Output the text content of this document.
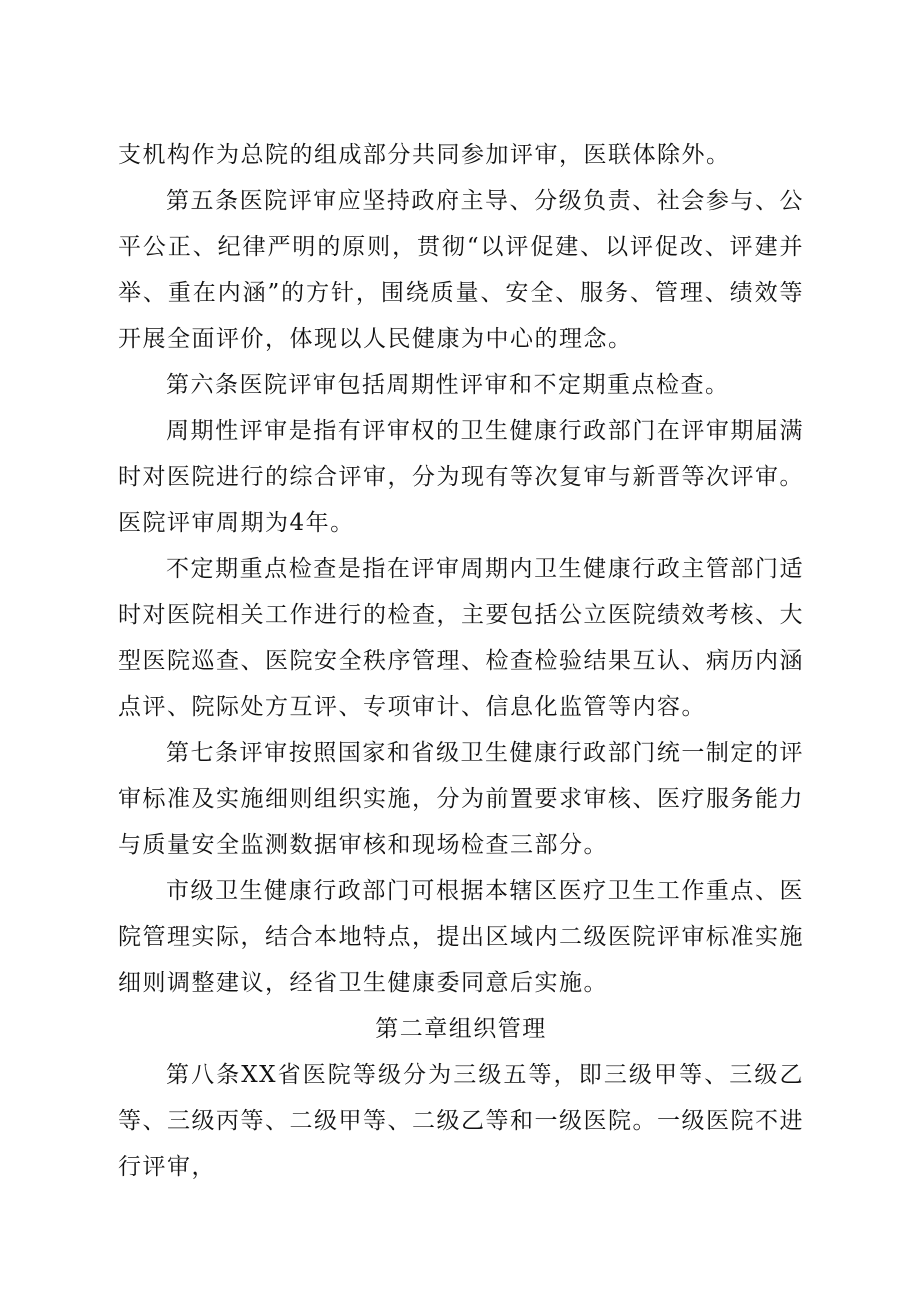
支机构作为总院的组成部分共同参加评审，医联体除外。

第五条医院评审应坚持政府主导、分级负责、社会参与、公平公正、纪律严明的原则，贯彻“以评促建、以评促改、评建并举、重在内涵”的方针，围绕质量、安全、服务、管理、绩效等开展全面评价，体现以人民健康为中心的理念。

第六条医院评审包括周期性评审和不定期重点检查。

周期性评审是指有评审权的卫生健康行政部门在评审期届满时对医院进行的综合评审，分为现有等次复审与新晋等次评审。医院评审周期为4年。

不定期重点检查是指在评审周期内卫生健康行政主管部门适时对医院相关工作进行的检查，主要包括公立医院绩效考核、大型医院巡查、医院安全秩序管理、检查检验结果互认、病历内涵点评、院际处方互评、专项审计、信息化监管等内容。

第七条评审按照国家和省级卫生健康行政部门统一制定的评审标准及实施细则组织实施，分为前置要求审核、医疗服务能力与质量安全监测数据审核和现场检查三部分。

市级卫生健康行政部门可根据本辖区医疗卫生工作重点、医院管理实际，结合本地特点，提出区域内二级医院评审标准实施细则调整建议，经省卫生健康委同意后实施。

第二章组织管理

第八条XX省医院等级分为三级五等，即三级甲等、三级乙等、三级丙等、二级甲等、二级乙等和一级医院。一级医院不进行评审，
